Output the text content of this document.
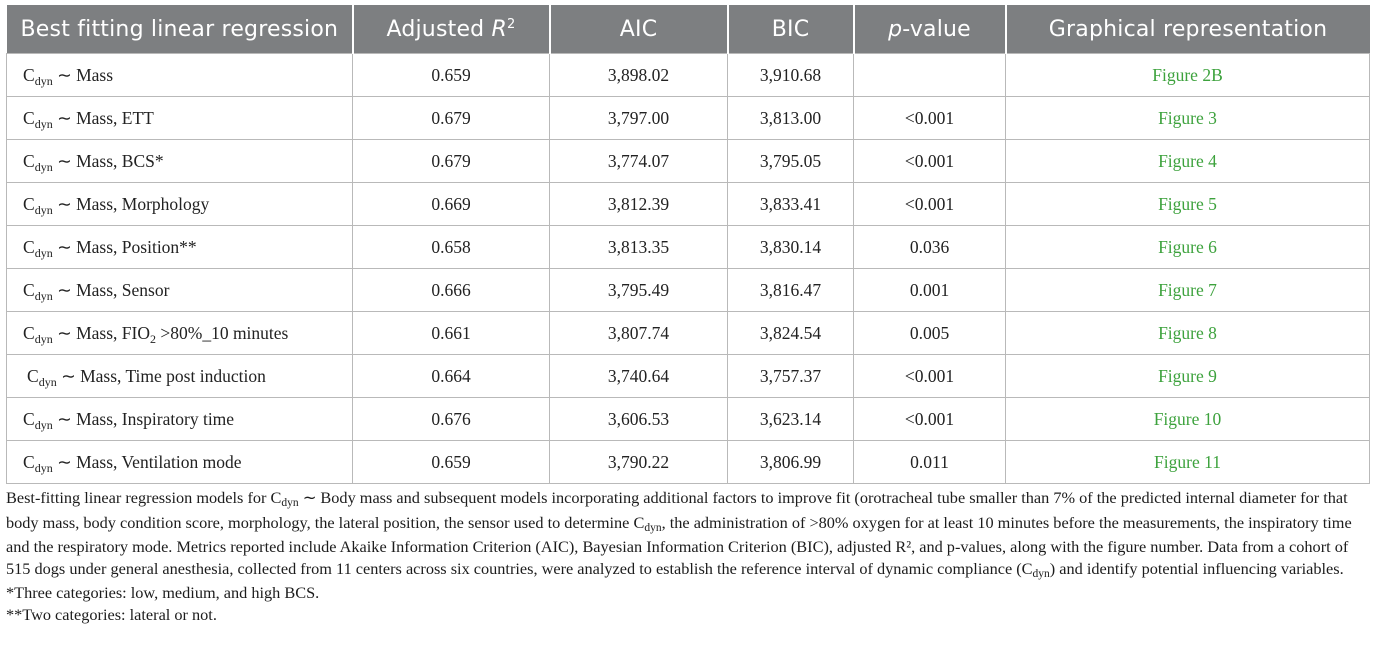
Best fitting linear regression	Adjusted $R^2$	AIC	BIC	p-value	Graphical representation
$C_{dyn}$ ∼ Mass	0.659	3,898.02	3,910.68		Figure 2B
$C_{dyn}$ ∼ Mass, ETT	0.679	3,797.00	3,813.00	<0.001	Figure 3
$C_{dyn}$ ∼ Mass, BCS*	0.679	3,774.07	3,795.05	<0.001	Figure 4
$C_{dyn}$ ∼ Mass, Morphology	0.669	3,812.39	3,833.41	<0.001	Figure 5
$C_{dyn}$ ∼ Mass, Position**	0.658	3,813.35	3,830.14	0.036	Figure 6
$C_{dyn}$ ∼ Mass, Sensor	0.666	3,795.49	3,816.47	0.001	Figure 7
$C_{dyn}$ ∼ Mass, $FIO_2$ >80%_10 minutes	0.661	3,807.74	3,824.54	0.005	Figure 8
$C_{dyn}$ ∼ Mass, Time post induction	0.664	3,740.64	3,757.37	<0.001	Figure 9
$C_{dyn}$ ∼ Mass, Inspiratory time	0.676	3,606.53	3,623.14	<0.001	Figure 10
$C_{dyn}$ ∼ Mass, Ventilation mode	0.659	3,790.22	3,806.99	0.011	Figure 11

Best-fitting linear regression models for Cdyn ∼ Body mass and subsequent models incorporating additional factors to improve fit (orotracheal tube smaller than 7% of the predicted internal diameter for that body mass, body condition score, morphology, the lateral position, the sensor used to determine Cdyn, the administration of >80% oxygen for at least 10 minutes before the measurements, the inspiratory time and the respiratory mode. Metrics reported include Akaike Information Criterion (AIC), Bayesian Information Criterion (BIC), adjusted R², and p-values, along with the figure number. Data from a cohort of 515 dogs under general anesthesia, collected from 11 centers across six countries, were analyzed to establish the reference interval of dynamic compliance (Cdyn) and identify potential influencing variables.

*Three categories: low, medium, and high BCS.

**Two categories: lateral or not.
